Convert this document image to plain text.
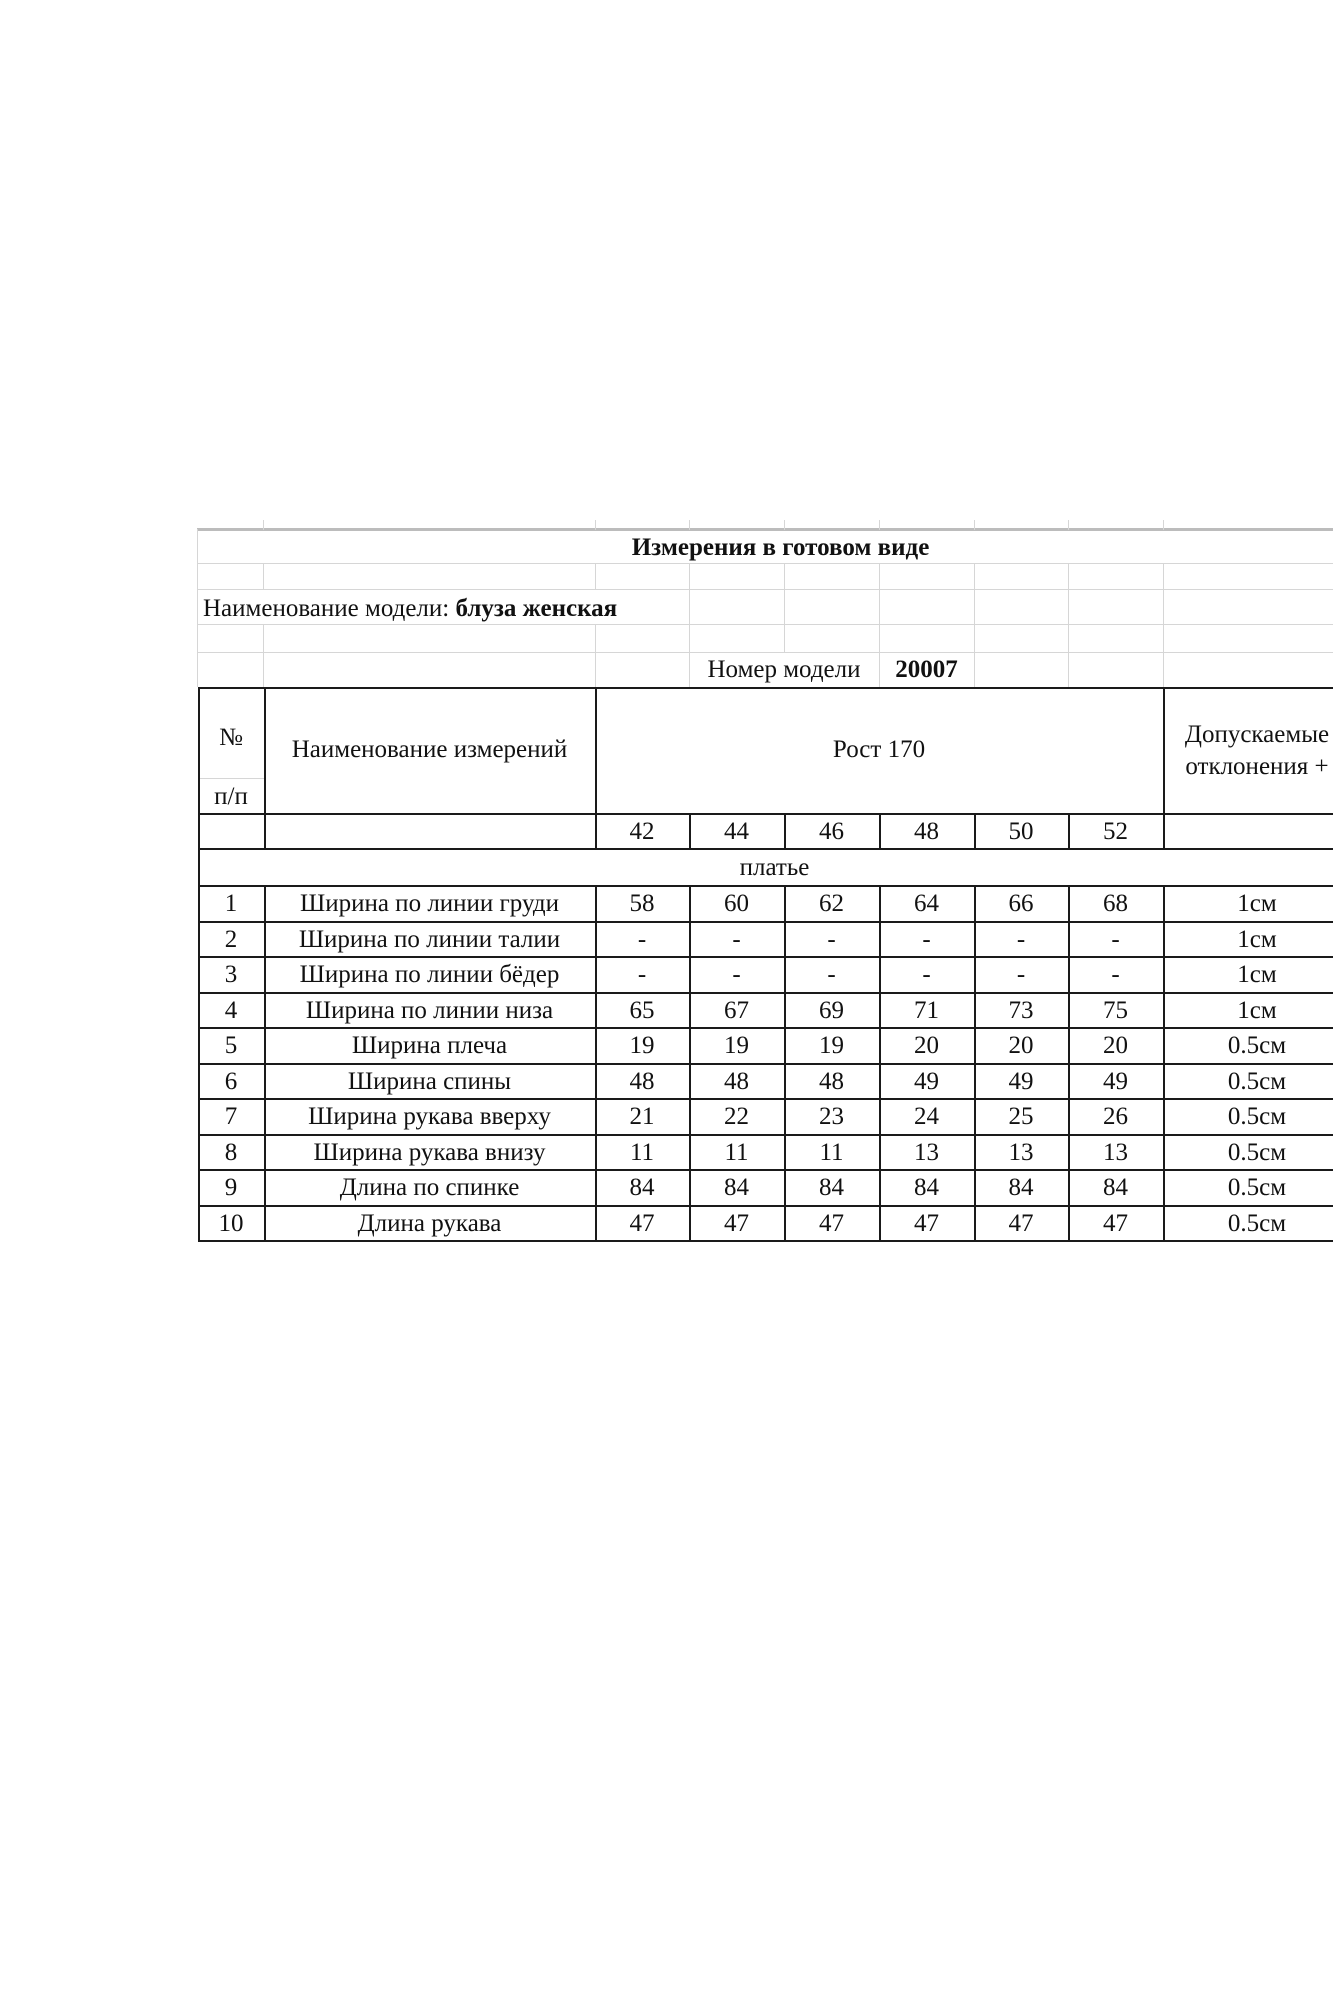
Измерения в готовом виде
Наименование модели: блуза женская
Номер модели	20007
№
п/п
Наименование измерений	Рост 170
Допускаемые
отклонения +
42	44	46	48	50	52
платье
1	Ширина по линии груди	58	60	62	64	66	68	1см
2	Ширина по линии талии	-	-	-	-	-	-	1см
3	Ширина по линии бёдер	-	-	-	-	-	-	1см
4	Ширина по линии низа	65	67	69	71	73	75	1см
5	Ширина плеча	19	19	19	20	20	20	0.5см
6	Ширина спины	48	48	48	49	49	49	0.5см
7	Ширина рукава вверху	21	22	23	24	25	26	0.5см
8	Ширина рукава внизу	11	11	11	13	13	13	0.5см
9	Длина по спинке	84	84	84	84	84	84	0.5см
10	Длина рукава	47	47	47	47	47	47	0.5см
